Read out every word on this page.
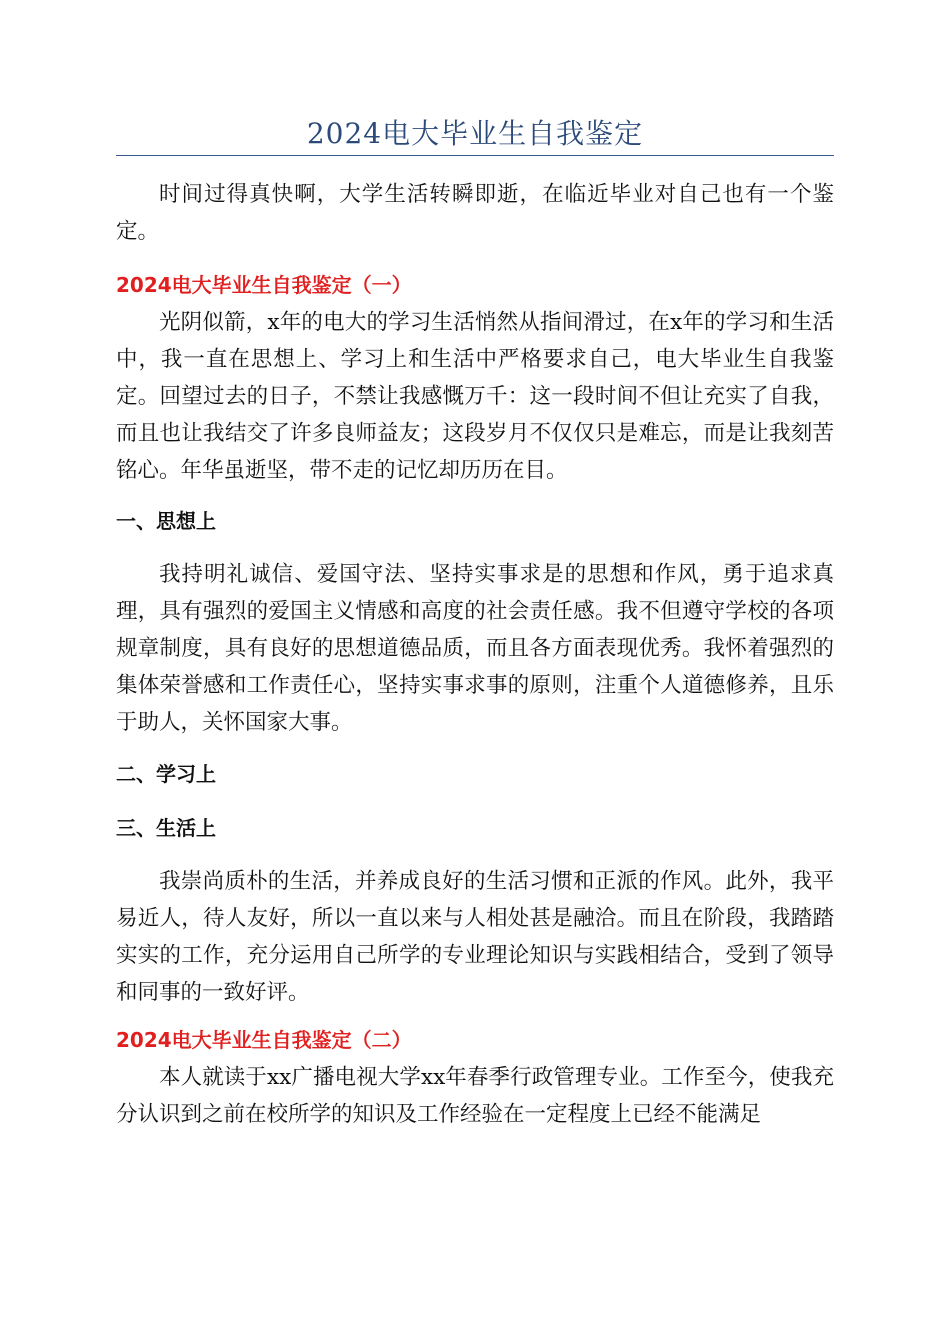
2024电大毕业生自我鉴定

时间过得真快啊，大学生活转瞬即逝，在临近毕业对自己也有一个鉴定。

2024电大毕业生自我鉴定（一）

光阴似箭，x年的电大的学习生活悄然从指间滑过，在x年的学习和生活中，我一直在思想上、学习上和生活中严格要求自己，电大毕业生自我鉴定。回望过去的日子，不禁让我感慨万千：这一段时间不但让充实了自我，而且也让我结交了许多良师益友；这段岁月不仅仅只是难忘，而是让我刻苦铭心。年华虽逝坚，带不走的记忆却历历在目。

一、思想上

我持明礼诚信、爱国守法、坚持实事求是的思想和作风，勇于追求真理，具有强烈的爱国主义情感和高度的社会责任感。我不但遵守学校的各项规章制度，具有良好的思想道德品质，而且各方面表现优秀。我怀着强烈的集体荣誉感和工作责任心，坚持实事求事的原则，注重个人道德修养，且乐于助人，关怀国家大事。

二、学习上

三、生活上

我崇尚质朴的生活，并养成良好的生活习惯和正派的作风。此外，我平易近人，待人友好，所以一直以来与人相处甚是融洽。而且在阶段，我踏踏实实的工作，充分运用自己所学的专业理论知识与实践相结合，受到了领导和同事的一致好评。

2024电大毕业生自我鉴定（二）

本人就读于xx广播电视大学xx年春季行政管理专业。工作至今，使我充分认识到之前在校所学的知识及工作经验在一定程度上已经不能满足
